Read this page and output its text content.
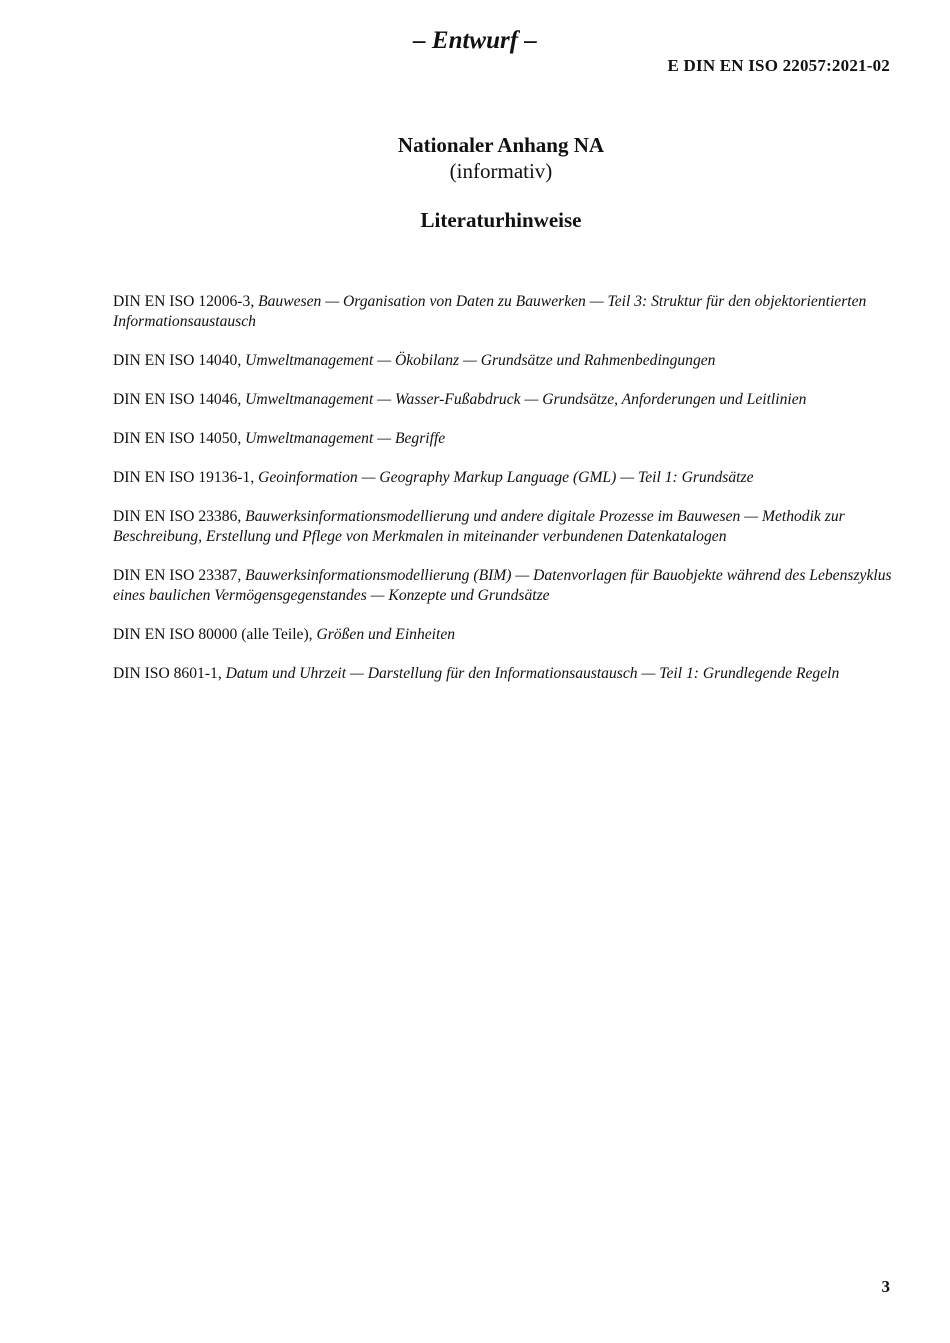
– Entwurf –
E DIN EN ISO 22057:2021-02
Nationaler Anhang NA
(informativ)
Literaturhinweise
DIN EN ISO 12006-3, Bauwesen — Organisation von Daten zu Bauwerken — Teil 3: Struktur für den objektorientierten Informationsaustausch
DIN EN ISO 14040, Umweltmanagement — Ökobilanz — Grundsätze und Rahmenbedingungen
DIN EN ISO 14046, Umweltmanagement — Wasser-Fußabdruck — Grundsätze, Anforderungen und Leitlinien
DIN EN ISO 14050, Umweltmanagement — Begriffe
DIN EN ISO 19136-1, Geoinformation — Geography Markup Language (GML) — Teil 1: Grundsätze
DIN EN ISO 23386, Bauwerksinformationsmodellierung und andere digitale Prozesse im Bauwesen — Methodik zur Beschreibung, Erstellung und Pflege von Merkmalen in miteinander verbundenen Datenkatalogen
DIN EN ISO 23387, Bauwerksinformationsmodellierung (BIM) — Datenvorlagen für Bauobjekte während des Lebenszyklus eines baulichen Vermögensgegenstandes — Konzepte und Grundsätze
DIN EN ISO 80000 (alle Teile), Größen und Einheiten
DIN ISO 8601-1, Datum und Uhrzeit — Darstellung für den Informationsaustausch — Teil 1: Grundlegende Regeln
3
